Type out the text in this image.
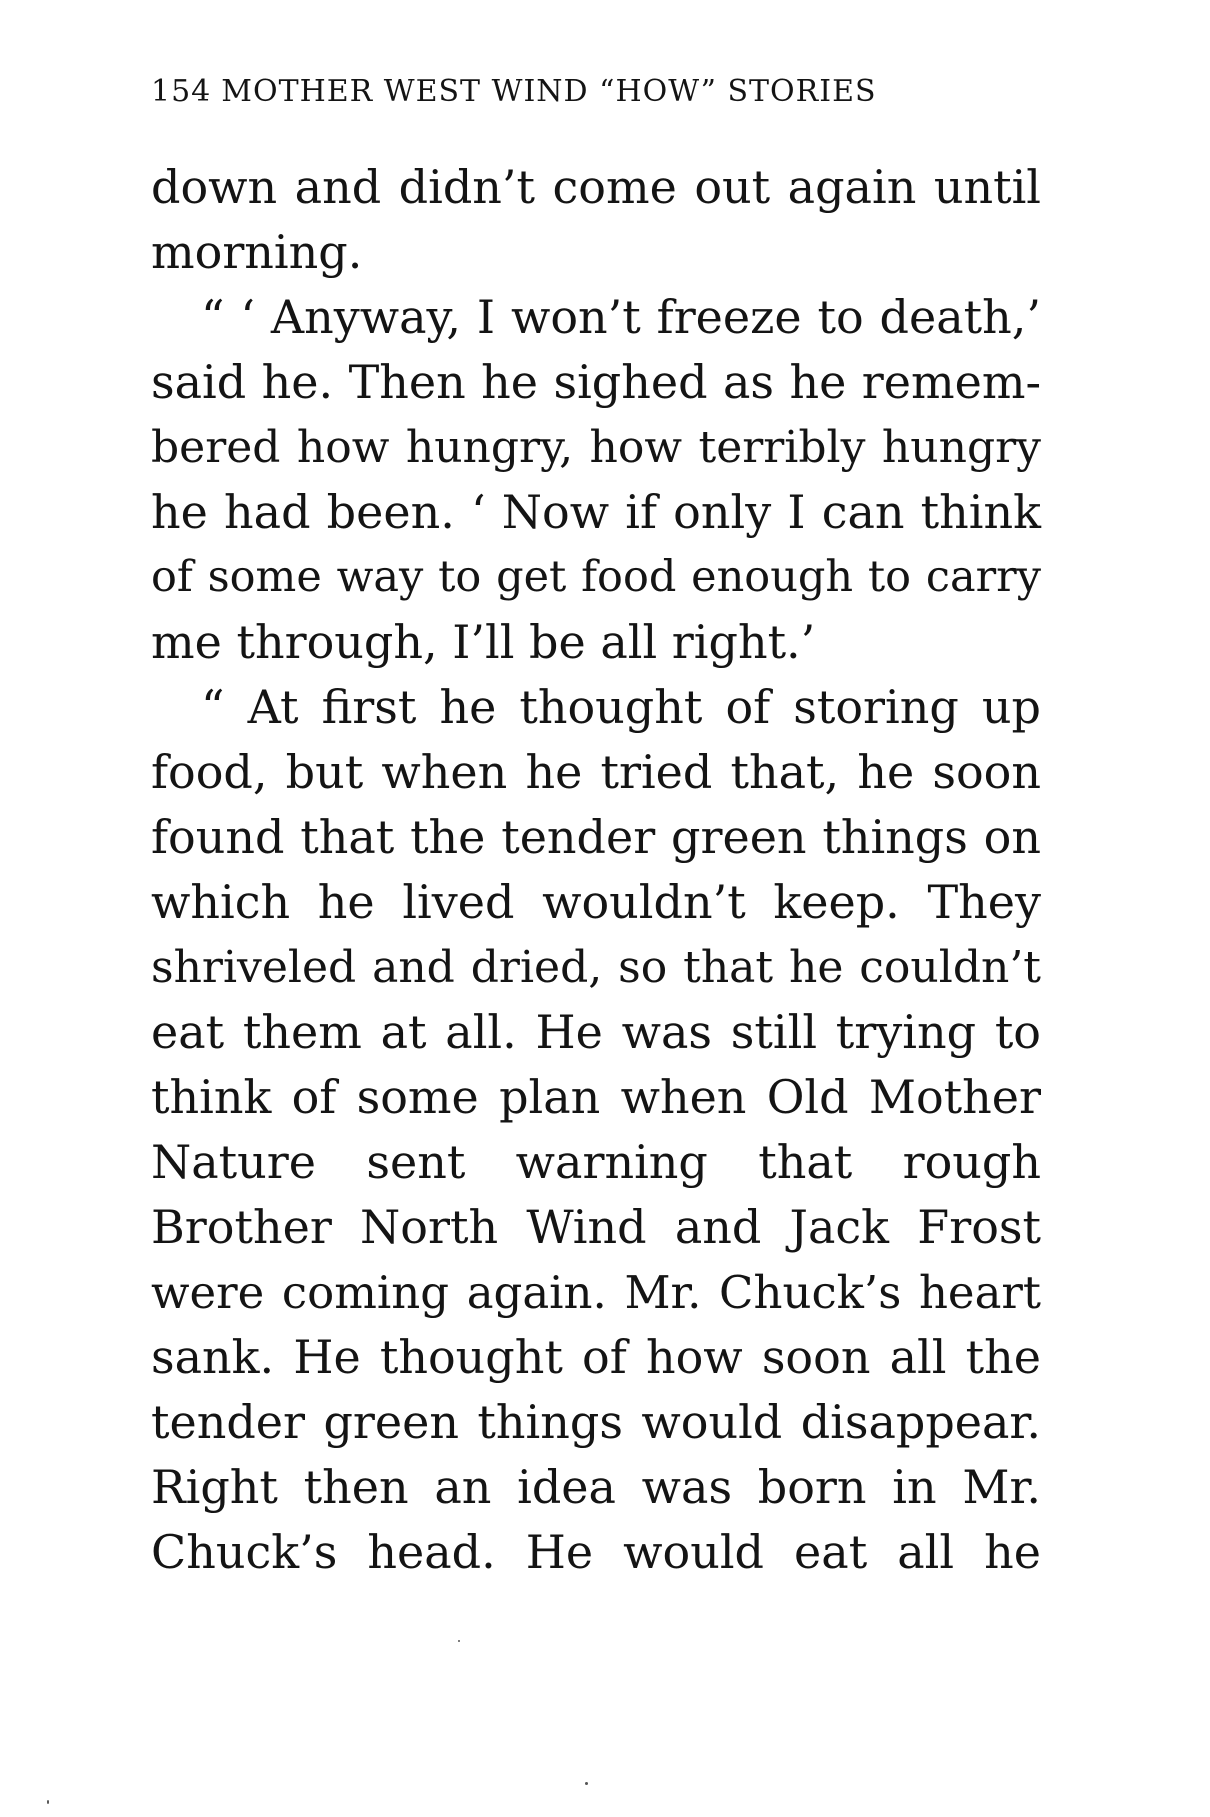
154 MOTHER WEST WIND “HOW” STORIES
down and didn’t come out again until
morning.
“ ‘ Anyway, I won’t freeze to death,’
said he. Then he sighed as he remem-
bered how hungry, how terribly hungry
he had been. ‘ Now if only I can think
of some way to get food enough to carry
me through, I’ll be all right.’
“ At first he thought of storing up
food, but when he tried that, he soon
found that the tender green things on
which he lived wouldn’t keep. They
shriveled and dried, so that he couldn’t
eat them at all. He was still trying to
think of some plan when Old Mother
Nature sent warning that rough
Brother North Wind and Jack Frost
were coming again. Mr. Chuck’s heart
sank. He thought of how soon all the
tender green things would disappear.
Right then an idea was born in Mr.
Chuck’s head. He would eat all he
